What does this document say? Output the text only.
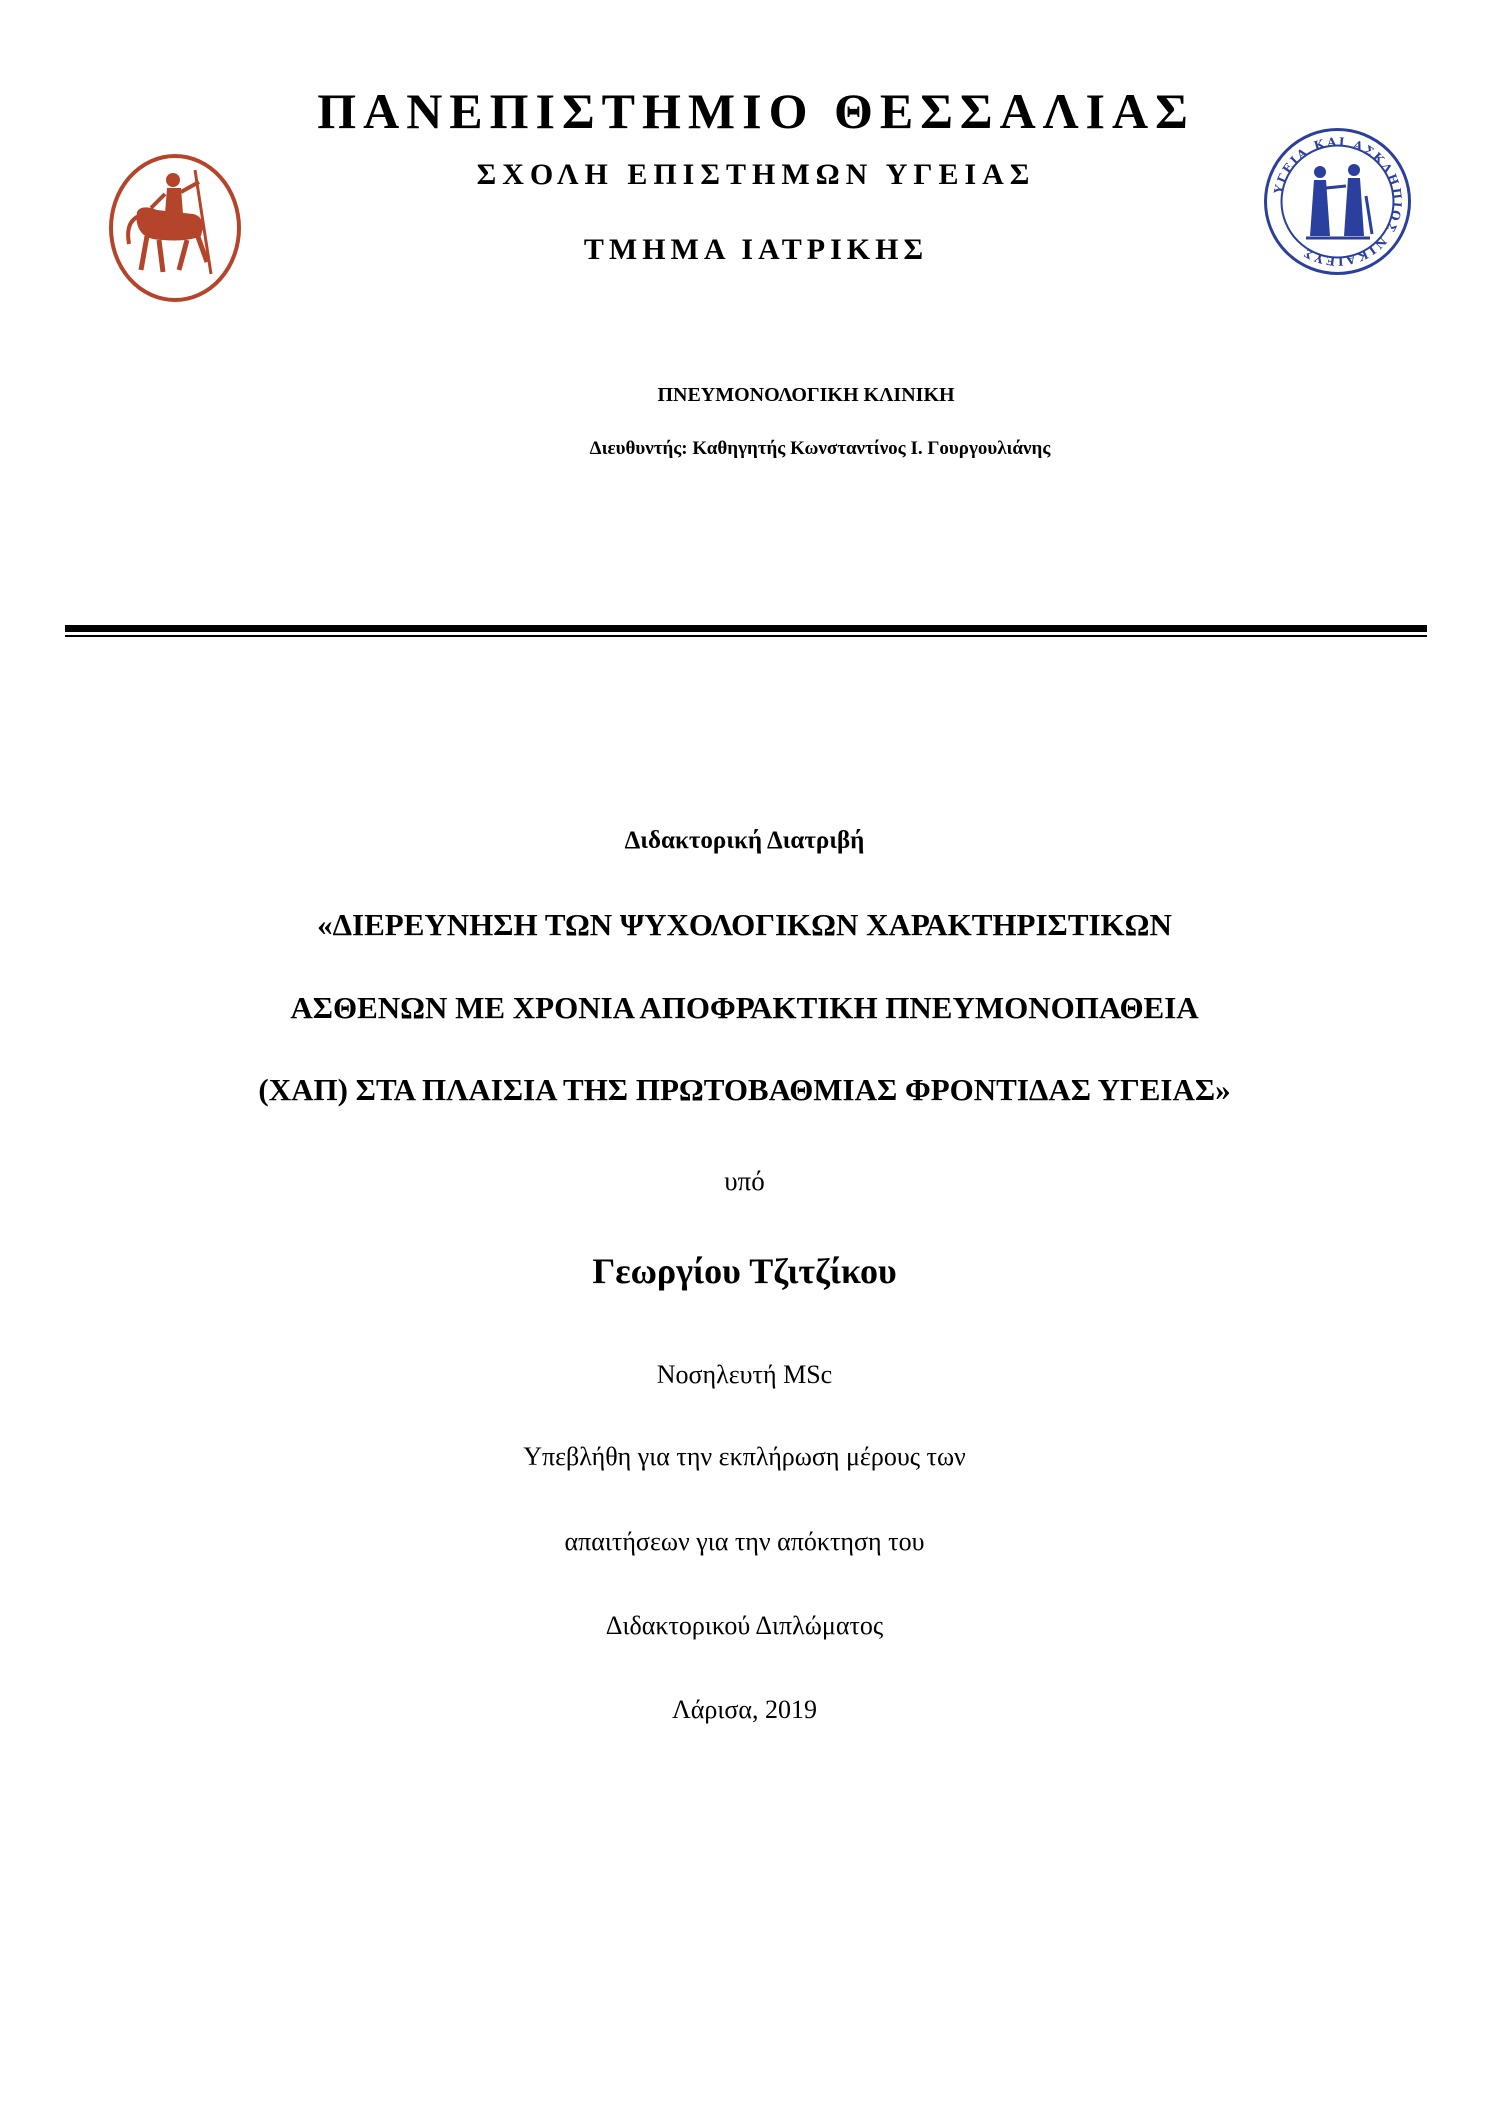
ΥΓΕΙΑ ΚΑΙ ΑΣΚΛΗΠΙΟΣ ΝΙΚΑΙΕΥΣ
ΠΑΝΕΠΙΣΤΗΜΙΟ ΘΕΣΣΑΛΙΑΣ
ΣΧΟΛΗ ΕΠΙΣΤΗΜΩΝ ΥΓΕΙΑΣ
ΤΜΗΜΑ ΙΑΤΡΙΚΗΣ
ΠΝΕΥΜΟΝΟΛΟΓΙΚΗ ΚΛΙΝΙΚΗ
Διευθυντής: Καθηγητής Κωνσταντίνος Ι. Γουργουλιάνης
Διδακτορική Διατριβή
«ΔΙΕΡΕΥΝΗΣΗ ΤΩΝ ΨΥΧΟΛΟΓΙΚΩΝ ΧΑΡΑΚΤΗΡΙΣΤΙΚΩΝ
ΑΣΘΕΝΩΝ ΜΕ ΧΡΟΝΙΑ ΑΠΟΦΡΑΚΤΙΚΗ ΠΝΕΥΜΟΝΟΠΑΘΕΙΑ
(ΧΑΠ) ΣΤΑ ΠΛΑΙΣΙΑ ΤΗΣ ΠΡΩΤΟΒΑΘΜΙΑΣ ΦΡΟΝΤΙΔΑΣ ΥΓΕΙΑΣ»
υπό
Γεωργίου Τζιτζίκου
Νοσηλευτή MSc
Υπεβλήθη για την εκπλήρωση μέρους των
απαιτήσεων για την απόκτηση του
Διδακτορικού Διπλώματος
Λάρισα, 2019
